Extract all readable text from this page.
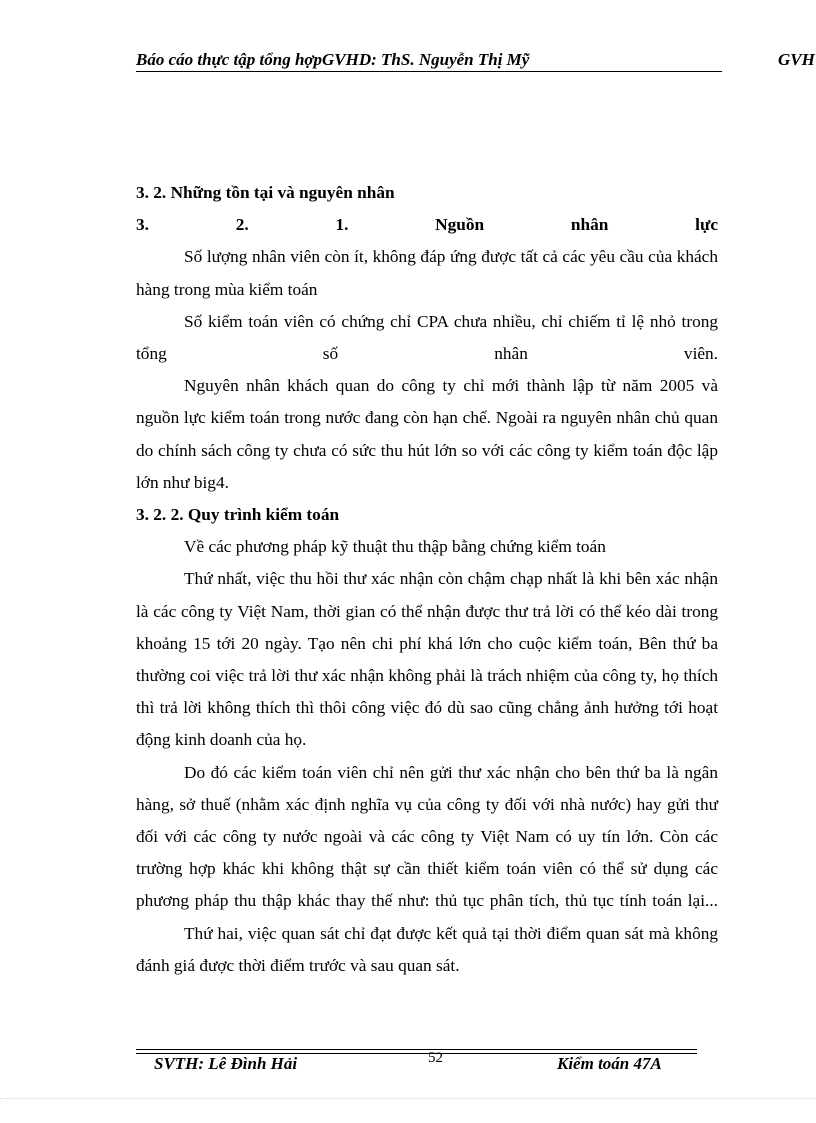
Báo cáo thực tập tổng hợpGVHD: ThS. Nguyễn Thị Mỹ	GVH

3. 2. Những tồn tại và nguyên nhân

3. 2. 1. Nguồn nhân lực

Số lượng nhân viên còn ít, không đáp ứng được tất cả các yêu cầu của khách hàng trong mùa kiểm toán

Số kiểm toán viên có chứng chỉ CPA chưa nhiều, chỉ chiếm tỉ lệ nhỏ trong tổng số nhân viên.

Nguyên nhân khách quan do công ty chỉ mới thành lập từ năm 2005 và nguồn lực kiểm toán trong nước đang còn hạn chế. Ngoài ra nguyên nhân chủ quan do chính sách công ty chưa có sức thu hút lớn so với các công ty kiểm toán độc lập lớn như big4.

3. 2. 2. Quy trình kiểm toán

Về các phương pháp kỹ thuật thu thập bằng chứng kiểm toán

Thứ nhất, việc thu hồi thư xác nhận còn chậm chạp nhất là khi bên xác nhận là các công ty Việt Nam, thời gian có thể nhận được thư trả lời có thể kéo dài trong khoảng 15 tới 20 ngày. Tạo nên chi phí khá lớn cho cuộc kiểm toán, Bên thứ ba thường coi việc trả lời thư xác nhận không phải là trách nhiệm của công ty, họ thích thì trả lời không thích thì thôi công việc đó dù sao cũng chẳng ảnh hưởng tới hoạt động kinh doanh của họ.

Do đó các kiểm toán viên chỉ nên gửi thư xác nhận cho bên thứ ba là ngân hàng, sở thuế (nhằm xác định nghĩa vụ của công ty đối với nhà nước) hay gửi thư đối với các công ty nước ngoài và các công ty Việt Nam có uy tín lớn. Còn các trường hợp khác khi không thật sự cần thiết kiểm toán viên có thể sử dụng các phương pháp thu thập khác thay thế như: thủ tục phân tích, thủ tục tính toán lại...

Thứ hai, việc quan sát chỉ đạt được kết quả tại thời điểm quan sát mà không đánh giá được thời điểm trước và sau quan sát.

SVTH: Lê Đình Hải	52	Kiểm toán 47A
